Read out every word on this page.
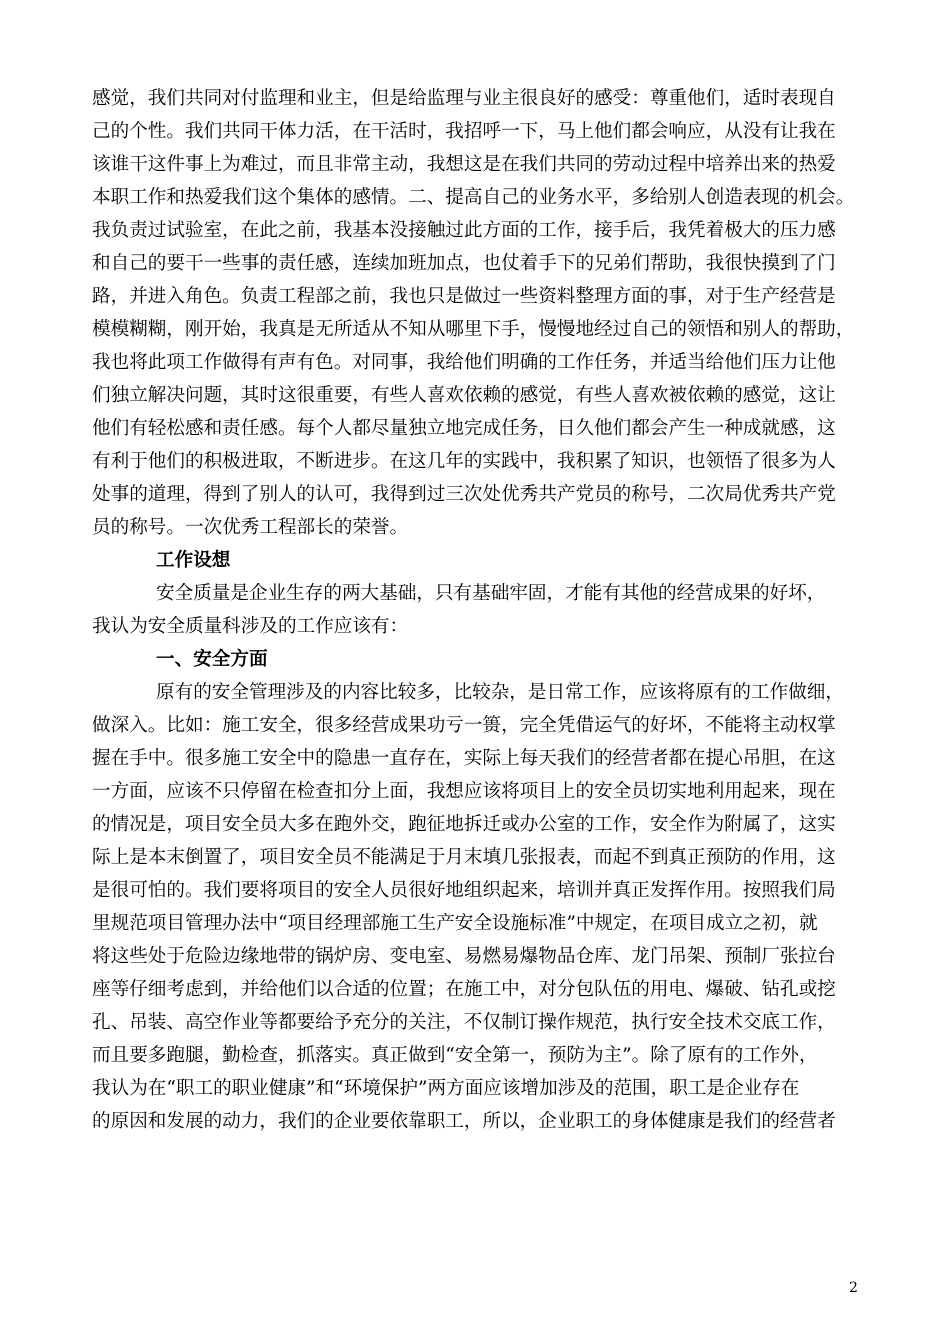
感觉，我们共同对付监理和业主，但是给监理与业主很良好的感受：尊重他们，适时表现自
己的个性。我们共同干体力活，在干活时，我招呼一下，马上他们都会响应，从没有让我在
该谁干这件事上为难过，而且非常主动，我想这是在我们共同的劳动过程中培养出来的热爱
本职工作和热爱我们这个集体的感情。二、提高自己的业务水平，多给别人创造表现的机会。
我负责过试验室，在此之前，我基本没接触过此方面的工作，接手后，我凭着极大的压力感
和自己的要干一些事的责任感，连续加班加点，也仗着手下的兄弟们帮助，我很快摸到了门
路，并进入角色。负责工程部之前，我也只是做过一些资料整理方面的事，对于生产经营是
模模糊糊，刚开始，我真是无所适从不知从哪里下手，慢慢地经过自己的领悟和别人的帮助，
我也将此项工作做得有声有色。对同事，我给他们明确的工作任务，并适当给他们压力让他
们独立解决问题，其时这很重要，有些人喜欢依赖的感觉，有些人喜欢被依赖的感觉，这让
他们有轻松感和责任感。每个人都尽量独立地完成任务，日久他们都会产生一种成就感，这
有利于他们的积极进取，不断进步。在这几年的实践中，我积累了知识，也领悟了很多为人
处事的道理，得到了别人的认可，我得到过三次处优秀共产党员的称号，二次局优秀共产党
员的称号。一次优秀工程部长的荣誉。
工作设想
安全质量是企业生存的两大基础，只有基础牢固，才能有其他的经营成果的好坏，
我认为安全质量科涉及的工作应该有：
一、安全方面
原有的安全管理涉及的内容比较多，比较杂，是日常工作，应该将原有的工作做细，
做深入。比如：施工安全，很多经营成果功亏一篑，完全凭借运气的好坏，不能将主动权掌
握在手中。很多施工安全中的隐患一直存在，实际上每天我们的经营者都在提心吊胆，在这
一方面，应该不只停留在检查扣分上面，我想应该将项目上的安全员切实地利用起来，现在
的情况是，项目安全员大多在跑外交，跑征地拆迁或办公室的工作，安全作为附属了，这实
际上是本末倒置了，项目安全员不能满足于月末填几张报表，而起不到真正预防的作用，这
是很可怕的。我们要将项目的安全人员很好地组织起来，培训并真正发挥作用。按照我们局
里规范项目管理办法中“项目经理部施工生产安全设施标准”中规定，在项目成立之初，就
将这些处于危险边缘地带的锅炉房、变电室、易燃易爆物品仓库、龙门吊架、预制厂张拉台
座等仔细考虑到，并给他们以合适的位置；在施工中，对分包队伍的用电、爆破、钻孔或挖
孔、吊装、高空作业等都要给予充分的关注，不仅制订操作规范，执行安全技术交底工作，
而且要多跑腿，勤检查，抓落实。真正做到“安全第一，预防为主”。除了原有的工作外，
我认为在“职工的职业健康”和“环境保护”两方面应该增加涉及的范围，职工是企业存在
的原因和发展的动力，我们的企业要依靠职工，所以，企业职工的身体健康是我们的经营者
2
